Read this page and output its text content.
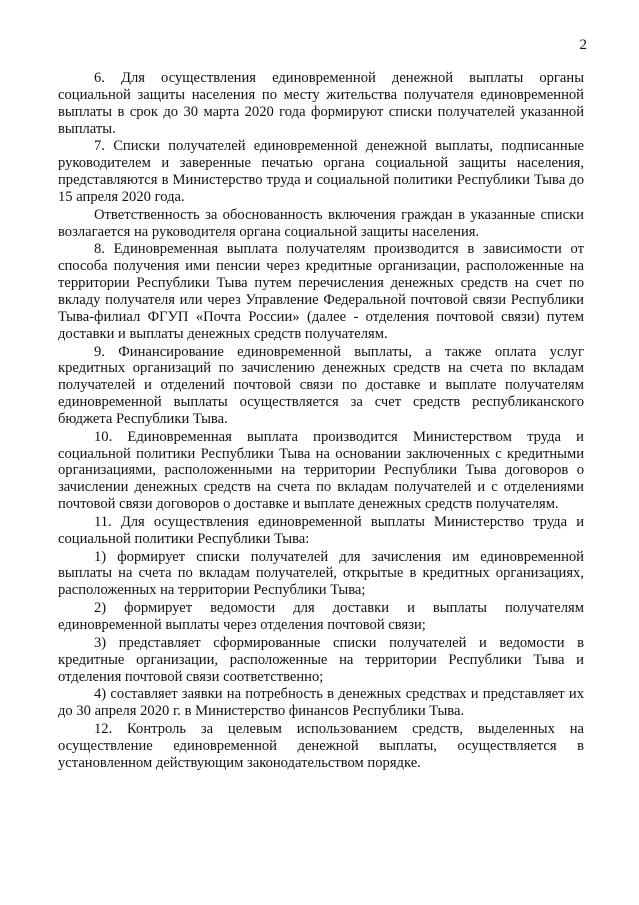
2

6. Для осуществления единовременной денежной выплаты органы социальной защиты населения по месту жительства получателя единовременной выплаты в срок до 30 марта 2020 года формируют списки получателей указанной выплаты.

7. Списки получателей единовременной денежной выплаты, подписанные руководителем и заверенные печатью органа социальной защиты населения, представляются в Министерство труда и социальной политики Республики Тыва до 15 апреля 2020 года.

Ответственность за обоснованность включения граждан в указанные списки возлагается на руководителя органа социальной защиты населения.

8. Единовременная выплата получателям производится в зависимости от способа получения ими пенсии через кредитные организации, расположенные на территории Республики Тыва путем перечисления денежных средств на счет по вкладу получателя или через Управление Федеральной почтовой связи Республики Тыва-филиал ФГУП «Почта России» (далее - отделения почтовой связи) путем доставки и выплаты денежных средств получателям.

9. Финансирование единовременной выплаты, а также оплата услуг кредитных организаций по зачислению денежных средств на счета по вкладам получателей и отделений почтовой связи по доставке и выплате получателям единовременной выплаты осуществляется за счет средств республиканского бюджета Республики Тыва.

10. Единовременная выплата производится Министерством труда и социальной политики Республики Тыва на основании заключенных с кредитными организациями, расположенными на территории Республики Тыва договоров о зачислении денежных средств на счета по вкладам получателей и с отделениями почтовой связи договоров о доставке и выплате денежных средств получателям.

11. Для осуществления единовременной выплаты Министерство труда и социальной политики Республики Тыва:

1) формирует списки получателей для зачисления им единовременной выплаты на счета по вкладам получателей, открытые в кредитных организациях, расположенных на территории Республики Тыва;

2) формирует ведомости для доставки и выплаты получателям единовременной выплаты через отделения почтовой связи;

3) представляет сформированные списки получателей и ведомости в кредитные организации, расположенные на территории Республики Тыва и отделения почтовой связи соответственно;

4) составляет заявки на потребность в денежных средствах и представляет их до 30 апреля 2020 г. в Министерство финансов Республики Тыва.

12. Контроль за целевым использованием средств, выделенных на осуществление единовременной денежной выплаты, осуществляется в установленном действующим законодательством порядке.
